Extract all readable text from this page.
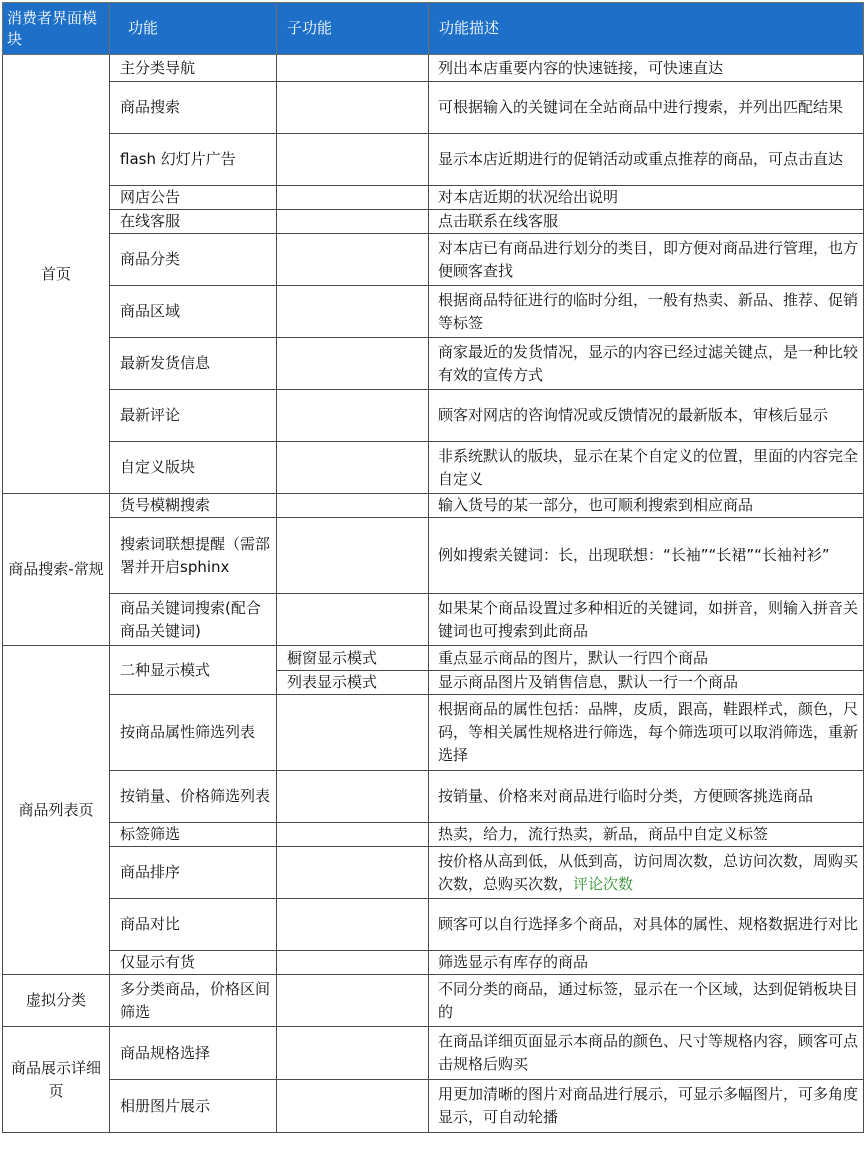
消费者界面模块	功能	子功能	功能描述
首页	主分类导航		列出本店重要内容的快速链接，可快速直达
	商品搜索		可根据输入的关键词在全站商品中进行搜索，并列出匹配结果
	flash 幻灯片广告		显示本店近期进行的促销活动或重点推荐的商品，可点击直达
	网店公告		对本店近期的状况给出说明
	在线客服		点击联系在线客服
	商品分类		对本店已有商品进行划分的类目，即方便对商品进行管理，也方便顾客查找
	商品区域		根据商品特征进行的临时分组，一般有热卖、新品、推荐、促销等标签
	最新发货信息		商家最近的发货情况，显示的内容已经过滤关键点，是一种比较有效的宣传方式
	最新评论		顾客对网店的咨询情况或反馈情况的最新版本，审核后显示
	自定义版块		非系统默认的版块，显示在某个自定义的位置，里面的内容完全自定义
商品搜索-常规	货号模糊搜索		输入货号的某一部分，也可顺利搜索到相应商品
	搜索词联想提醒（需部署并开启sphinx		例如搜索关键词：长，出现联想：“长袖”“长裙”“长袖衬衫”
	商品关键词搜索(配合商品关键词)		如果某个商品设置过多种相近的关键词，如拼音，则输入拼音关键词也可搜索到此商品
商品列表页	二种显示模式	橱窗显示模式	重点显示商品的图片，默认一行四个商品
		列表显示模式	显示商品图片及销售信息，默认一行一个商品
	按商品属性筛选列表		根据商品的属性包括：品牌，皮质，跟高，鞋跟样式，颜色，尺码，等相关属性规格进行筛选，每个筛选项可以取消筛选，重新选择
	按销量、价格筛选列表		按销量、价格来对商品进行临时分类，方便顾客挑选商品
	标签筛选		热卖，给力，流行热卖，新品，商品中自定义标签
	商品排序		按价格从高到低，从低到高，访问周次数，总访问次数，周购买次数，总购买次数，评论次数
	商品对比		顾客可以自行选择多个商品，对具体的属性、规格数据进行对比
	仅显示有货		筛选显示有库存的商品
虚拟分类	多分类商品，价格区间筛选		不同分类的商品，通过标签，显示在一个区域，达到促销板块目的
商品展示详细页	商品规格选择		在商品详细页面显示本商品的颜色、尺寸等规格内容，顾客可点击规格后购买
	相册图片展示		用更加清晰的图片对商品进行展示，可显示多幅图片，可多角度显示，可自动轮播
